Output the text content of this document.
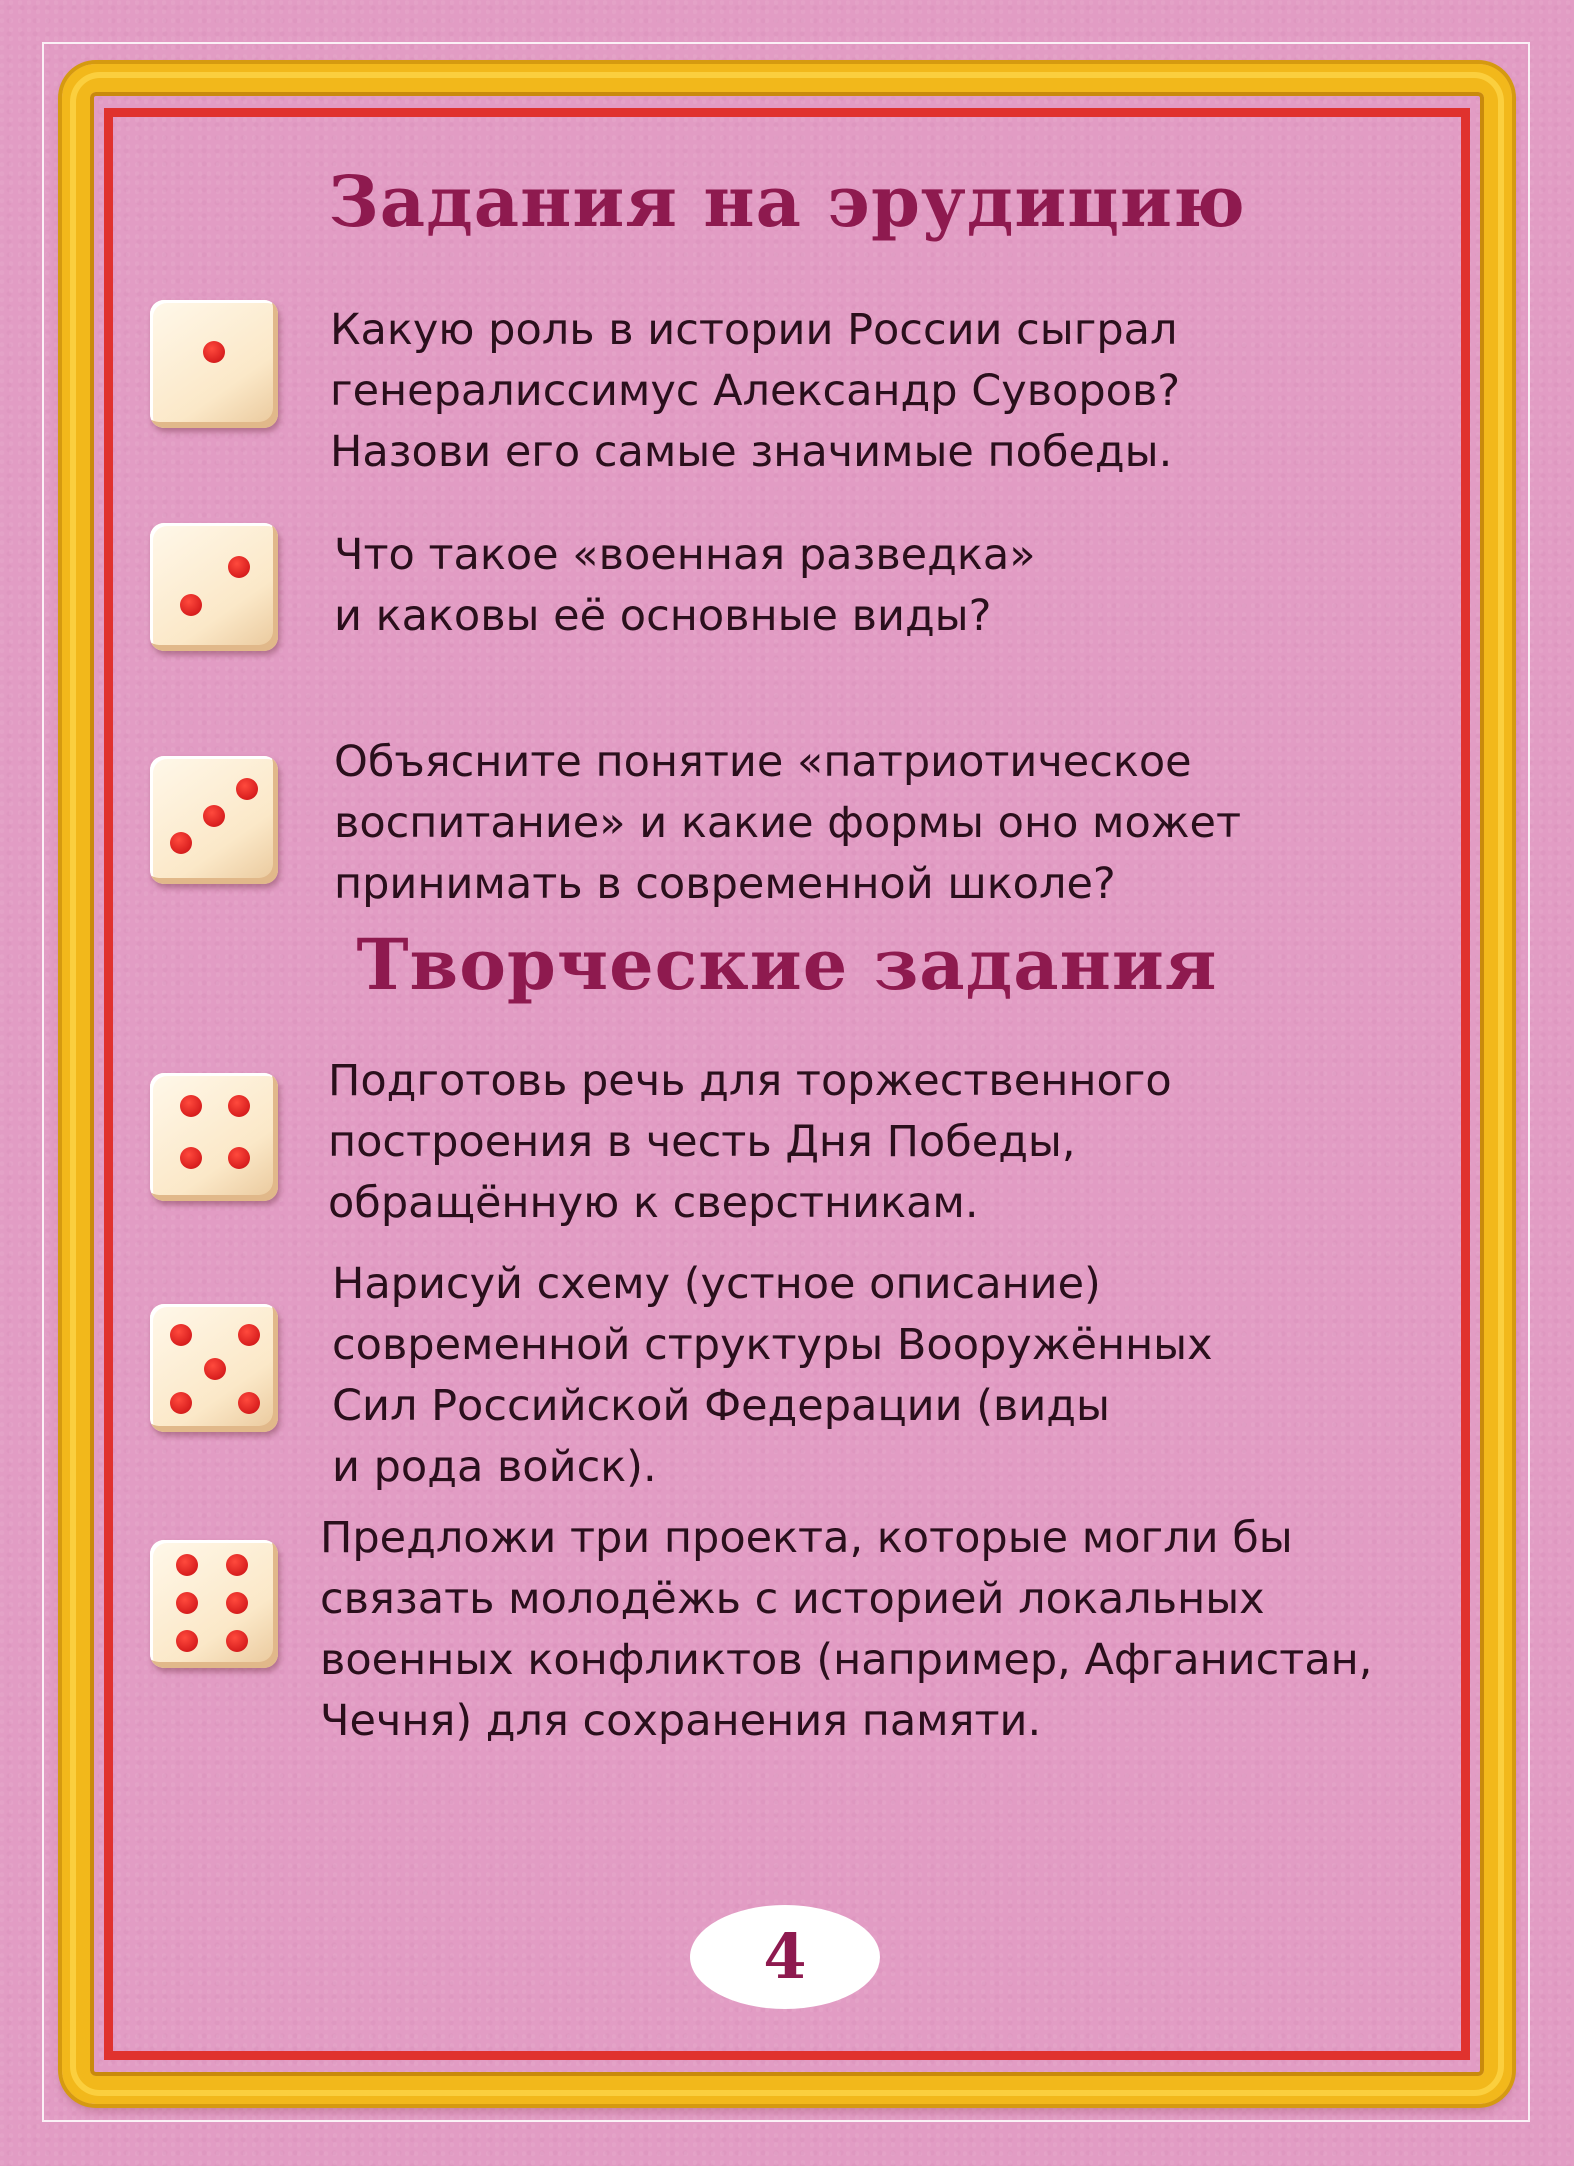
Задания на эрудицию

Какую роль в истории России сыграл
генералиссимус Александр Суворов?
Назови его самые значимые победы.

Что такое «военная разведка»
и каковы её основные виды?

Объясните понятие «патриотическое
воспитание» и какие формы оно может
принимать в современной школе?

Творческие задания

Подготовь речь для торжественного
построения в честь Дня Победы,
обращённую к сверстникам.

Нарисуй схему (устное описание)
современной структуры Вооружённых
Сил Российской Федерации (виды
и рода войск).

Предложи три проекта, которые могли бы
связать молодёжь с историей локальных
военных конфликтов (например, Афганистан,
Чечня) для сохранения памяти.

4
